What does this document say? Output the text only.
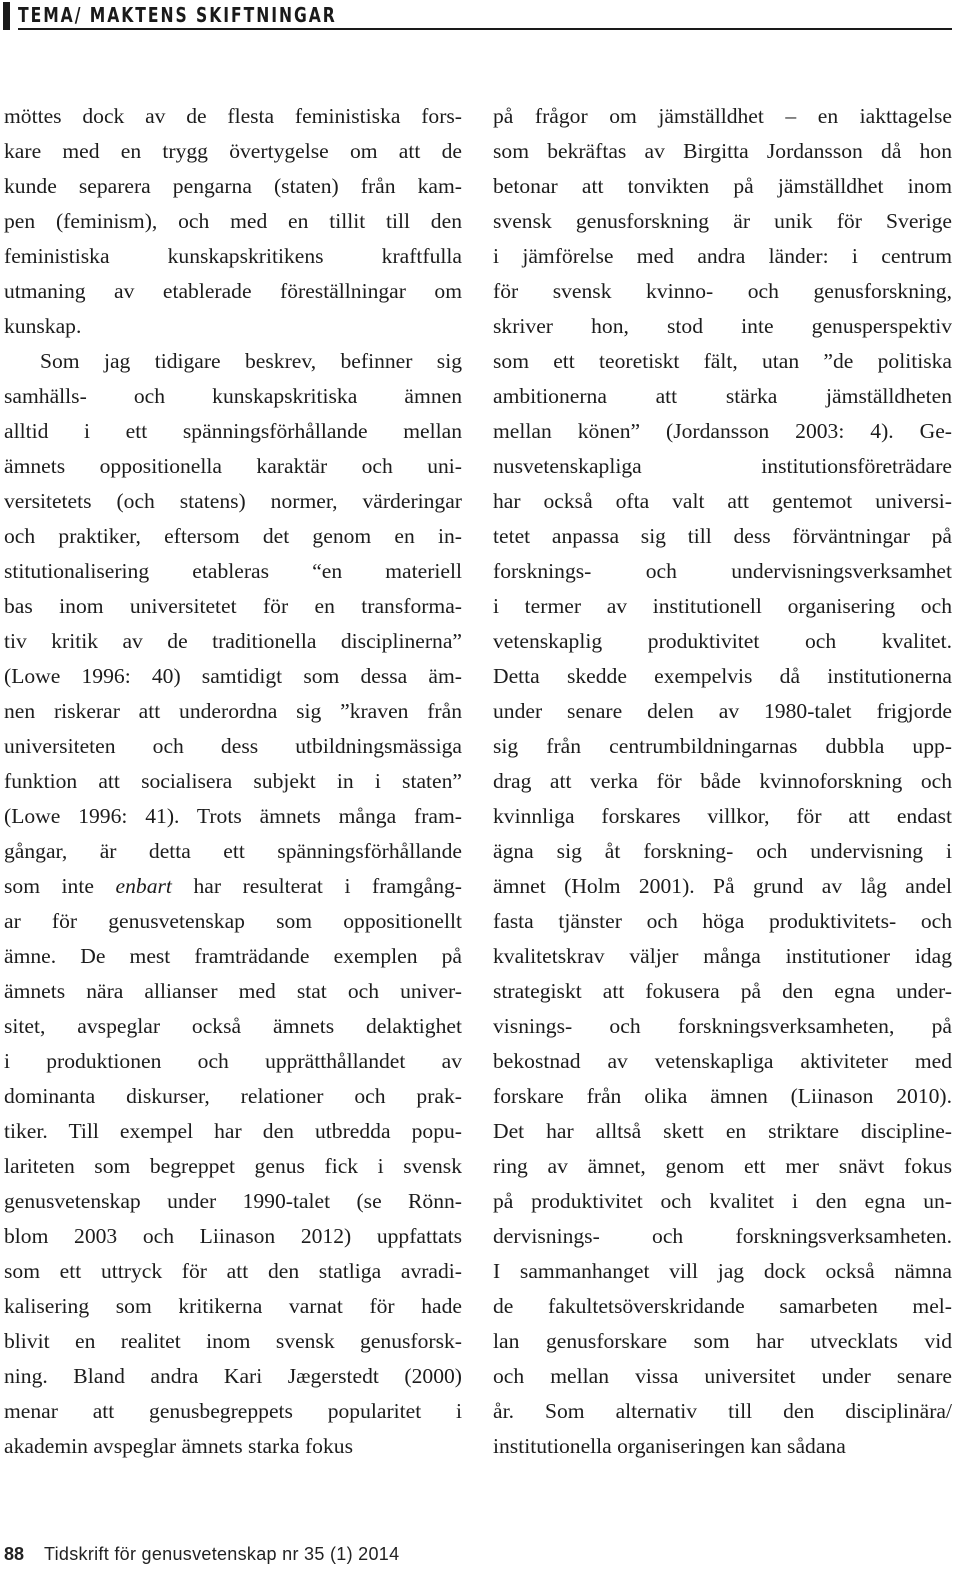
TEMA/ MAKTENS SKIFTNINGAR
möttes dock av de flesta feministiska fors-
kare med en trygg övertygelse om att de
kunde separera pengarna (staten) från kam-
pen (feminism), och med en tillit till den
feministiska kunskapskritikens kraftfulla
utmaning av etablerade föreställningar om
kunskap.
Som jag tidigare beskrev, befinner sig
samhälls- och kunskapskritiska ämnen
alltid i ett spänningsförhållande mellan
ämnets oppositionella karaktär och uni-
versitetets (och statens) normer, värderingar
och praktiker, eftersom det genom en in-
stitutionalisering etableras “en materiell
bas inom universitetet för en transforma-
tiv kritik av de traditionella disciplinerna”
(Lowe 1996: 40) samtidigt som dessa äm-
nen riskerar att underordna sig ”kraven från
universiteten och dess utbildningsmässiga
funktion att socialisera subjekt in i staten”
(Lowe 1996: 41). Trots ämnets många fram-
gångar, är detta ett spänningsförhållande
som inte enbart har resulterat i framgång-
ar för genusvetenskap som oppositionellt
ämne. De mest framträdande exemplen på
ämnets nära allianser med stat och univer-
sitet, avspeglar också ämnets delaktighet
i produktionen och upprätthållandet av
dominanta diskurser, relationer och prak-
tiker. Till exempel har den utbredda popu-
lariteten som begreppet genus fick i svensk
genusvetenskap under 1990-talet (se Rönn-
blom 2003 och Liinason 2012) uppfattats
som ett uttryck för att den statliga avradi-
kalisering som kritikerna varnat för hade
blivit en realitet inom svensk genusforsk-
ning. Bland andra Kari Jægerstedt (2000)
menar att genusbegreppets popularitet i
akademin avspeglar ämnets starka fokus
på frågor om jämställdhet – en iakttagelse
som bekräftas av Birgitta Jordansson då hon
betonar att tonvikten på jämställdhet inom
svensk genusforskning är unik för Sverige
i jämförelse med andra länder: i centrum
för svensk kvinno- och genusforskning,
skriver hon, stod inte genusperspektiv
som ett teoretiskt fält, utan ”de politiska
ambitionerna att stärka jämställdheten
mellan könen” (Jordansson 2003: 4). Ge-
nusvetenskapliga institutionsföreträdare
har också ofta valt att gentemot universi-
tetet anpassa sig till dess förväntningar på
forsknings- och undervisningsverksamhet
i termer av institutionell organisering och
vetenskaplig produktivitet och kvalitet.
Detta skedde exempelvis då institutionerna
under senare delen av 1980-talet frigjorde
sig från centrumbildningarnas dubbla upp-
drag att verka för både kvinnoforskning och
kvinnliga forskares villkor, för att endast
ägna sig åt forskning- och undervisning i
ämnet (Holm 2001). På grund av låg andel
fasta tjänster och höga produktivitets- och
kvalitetskrav väljer många institutioner idag
strategiskt att fokusera på den egna under-
visnings- och forskningsverksamheten, på
bekostnad av vetenskapliga aktiviteter med
forskare från olika ämnen (Liinason 2010).
Det har alltså skett en striktare discipline-
ring av ämnet, genom ett mer snävt fokus
på produktivitet och kvalitet i den egna un-
dervisnings- och forskningsverksamheten.
I sammanhanget vill jag dock också nämna
de fakultetsöverskridande samarbeten mel-
lan genusforskare som har utvecklats vid
och mellan vissa universitet under senare
år. Som alternativ till den disciplinära/
institutionella organiseringen kan sådana
88 Tidskrift för genusvetenskap nr 35 (1) 2014
